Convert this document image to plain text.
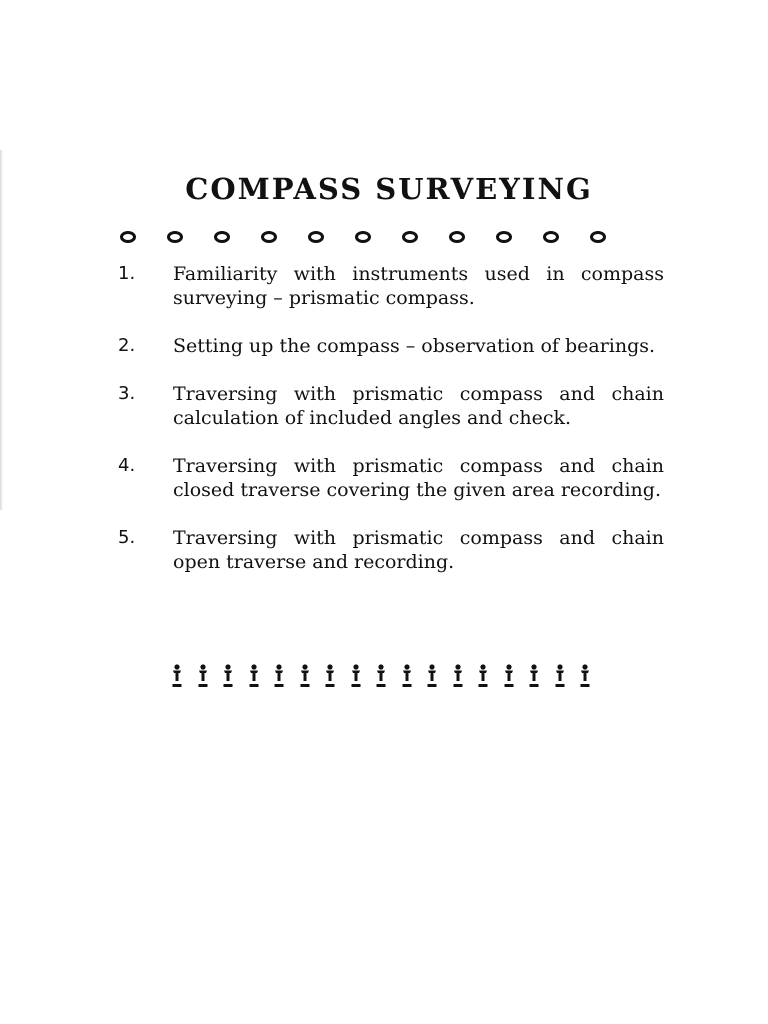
COMPASS SURVEYING
1.	Familiarity with instruments used in compass surveying – prismatic compass.
2.	Setting up the compass – observation of bearings.
3.	Traversing with prismatic compass and chain calculation of included angles and check.
4.	Traversing with prismatic compass and chain closed traverse covering the given area recording.
5.	Traversing with prismatic compass and chain open traverse and recording.
